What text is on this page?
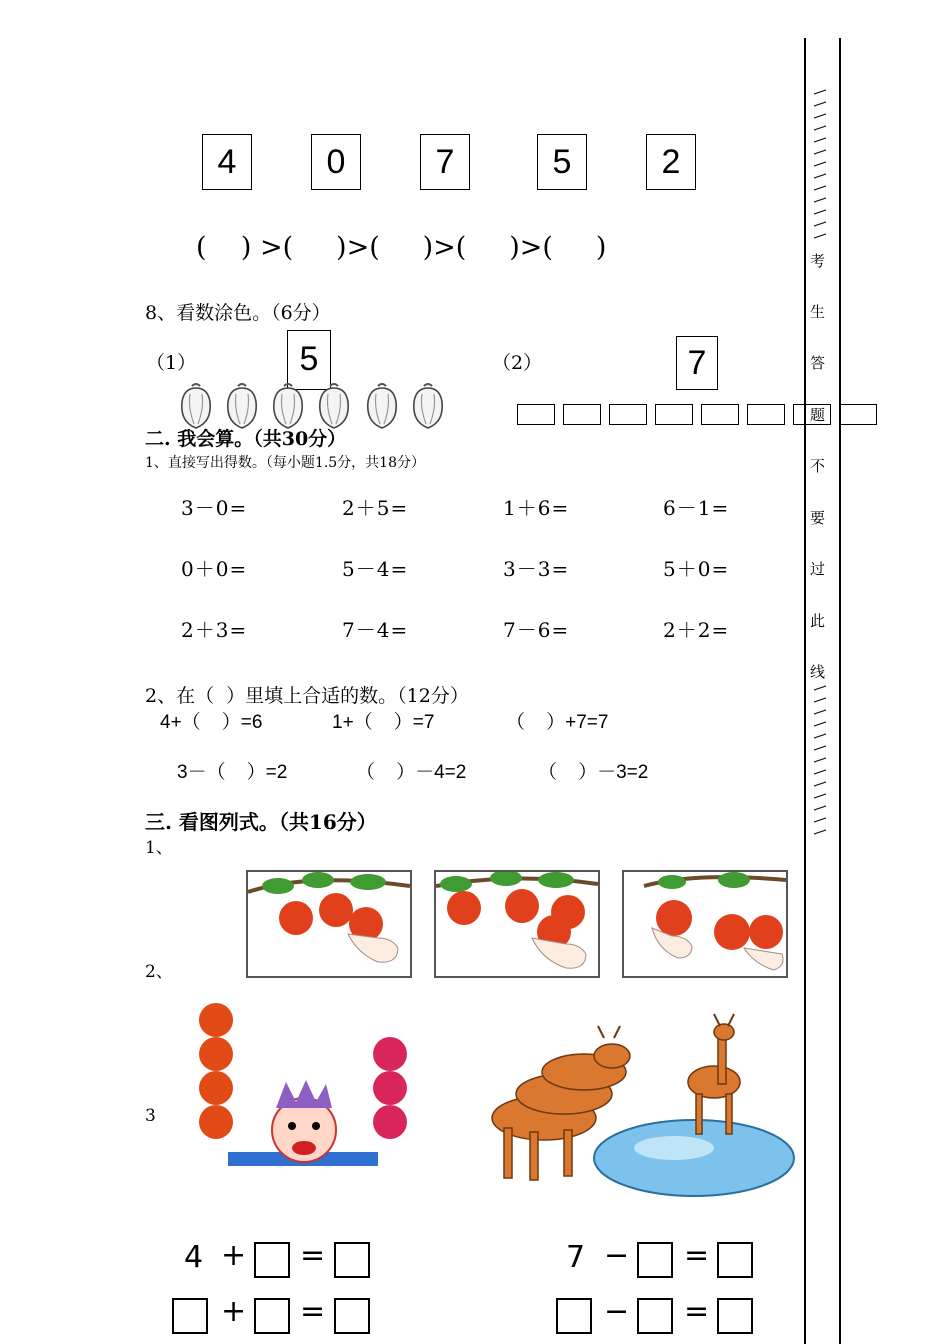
4	0	7	5	2
(    ) >(     )>(     )>(     )>(     )
8、看数涂色。（6分）
（1）	5	（2）	7
二. 我会算。（共30分）
1、直接写出得数。（每小题1.5分，共18分）
3－0=	2＋5=	1＋6=	6－1=
0＋0=	5－4=	3－3=	5＋0=
2＋3=	7－4=	7－6=	2＋2=
2、在（  ）里填上合适的数。（12分）
4+（    ）=6	1+（    ）=7	（    ）+7=7
3－（    ）=2	（    ）－4=2	（    ）－3=2
三. 看图列式。（共16分）
1、
2、
3
4 + =
+ =
7 − =
− =
考
生
答
题
不
要
过
此
线
